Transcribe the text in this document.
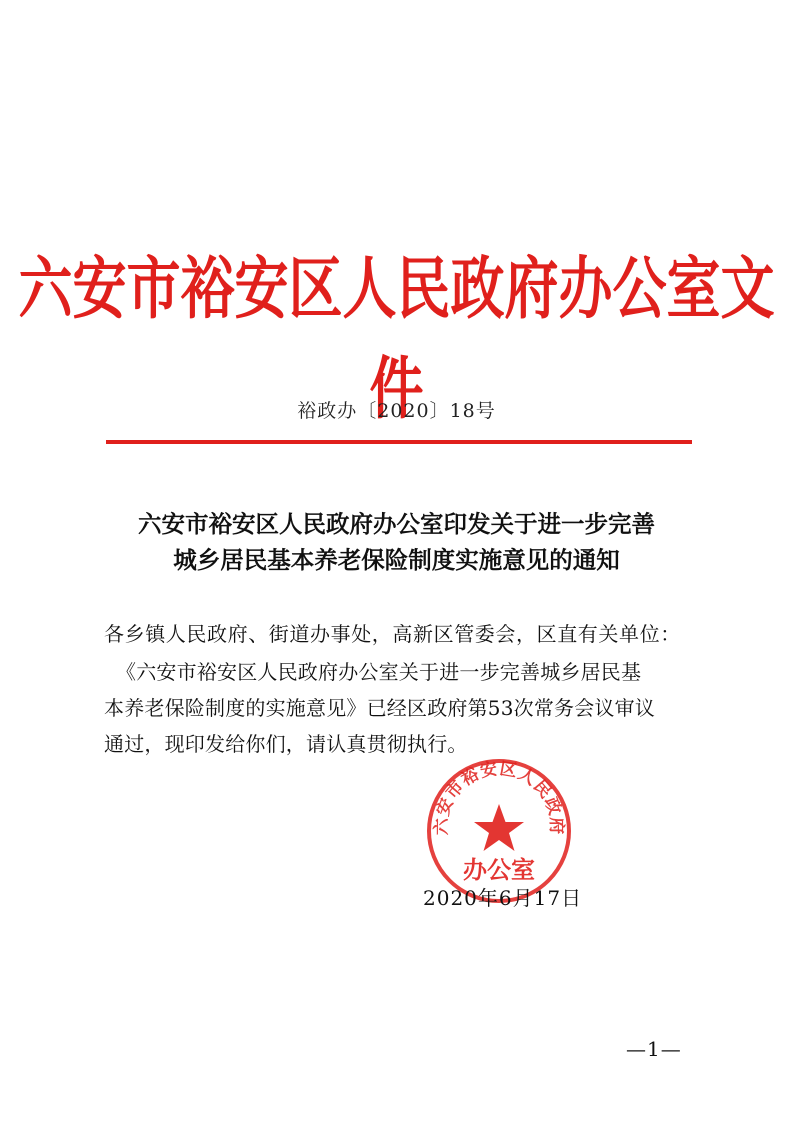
六安市裕安区人民政府办公室文件
裕政办〔2020〕18号
六安市裕安区人民政府办公室印发关于进一步完善
城乡居民基本养老保险制度实施意见的通知
各乡镇人民政府、街道办事处，高新区管委会，区直有关单位：
《六安市裕安区人民政府办公室关于进一步完善城乡居民基
本养老保险制度的实施意见》已经区政府第53次常务会议审议
通过，现印发给你们，请认真贯彻执行。
六安市裕安区人民政府
办公室
2020年6月17日
—1—
